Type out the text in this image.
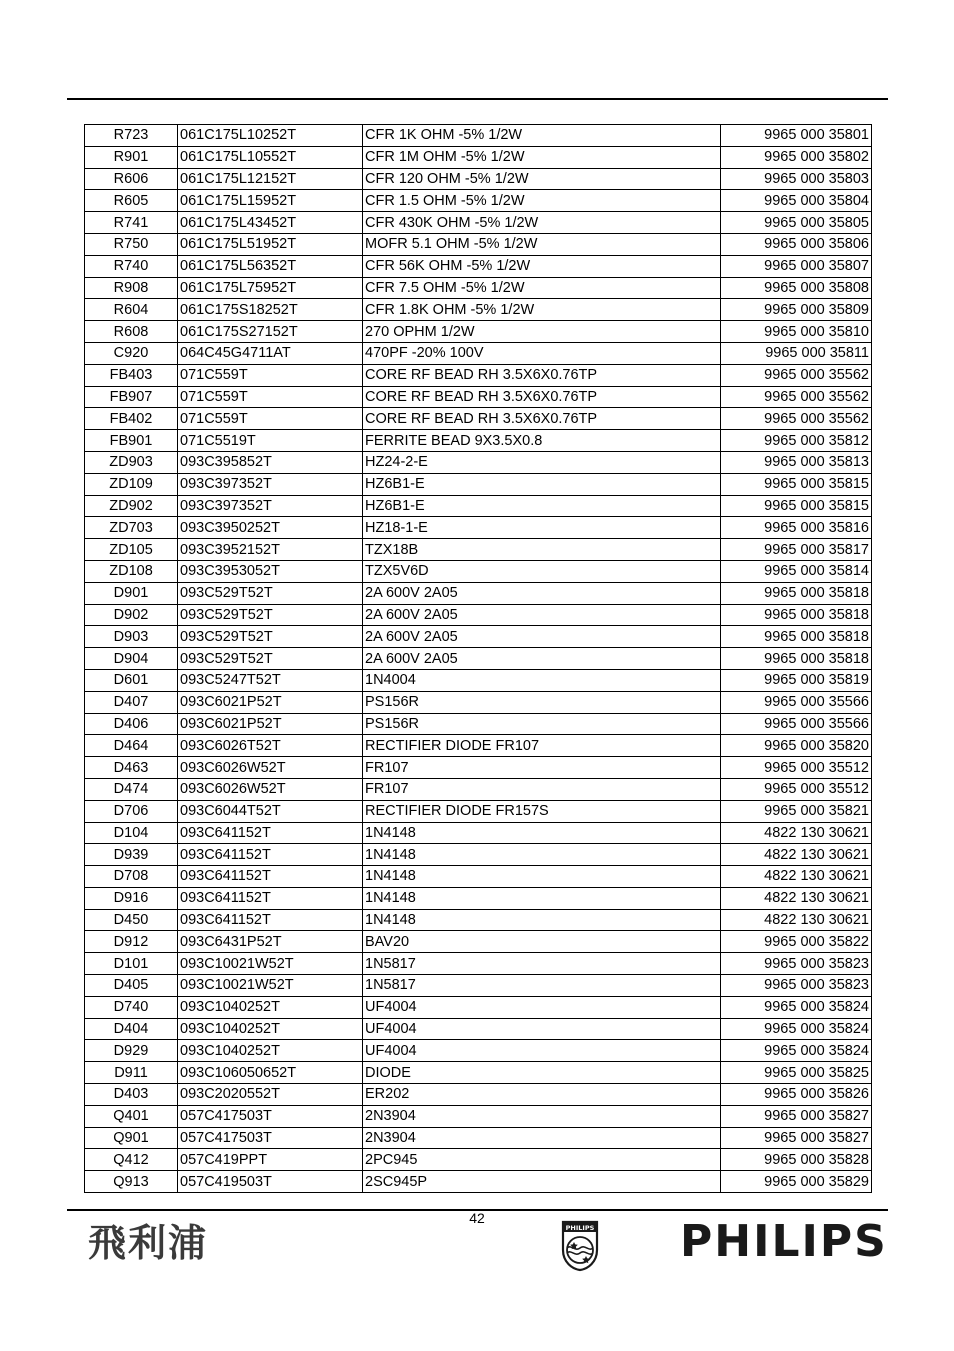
R723	061C175L10252T	CFR 1K OHM -5% 1/2W	9965 000 35801
R901	061C175L10552T	CFR 1M OHM -5% 1/2W	9965 000 35802
R606	061C175L12152T	CFR 120 OHM -5% 1/2W	9965 000 35803
R605	061C175L15952T	CFR 1.5 OHM -5% 1/2W	9965 000 35804
R741	061C175L43452T	CFR 430K OHM -5% 1/2W	9965 000 35805
R750	061C175L51952T	MOFR 5.1 OHM -5% 1/2W	9965 000 35806
R740	061C175L56352T	CFR 56K OHM -5% 1/2W	9965 000 35807
R908	061C175L75952T	CFR 7.5 OHM -5% 1/2W	9965 000 35808
R604	061C175S18252T	CFR 1.8K OHM -5% 1/2W	9965 000 35809
R608	061C175S27152T	270 OPHM 1/2W	9965 000 35810
C920	064C45G4711AT	470PF -20% 100V	9965 000 35811
FB403	071C559T	CORE RF BEAD RH 3.5X6X0.76TP	9965 000 35562
FB907	071C559T	CORE RF BEAD RH 3.5X6X0.76TP	9965 000 35562
FB402	071C559T	CORE RF BEAD RH 3.5X6X0.76TP	9965 000 35562
FB901	071C5519T	FERRITE BEAD 9X3.5X0.8	9965 000 35812
ZD903	093C395852T	HZ24-2-E	9965 000 35813
ZD109	093C397352T	HZ6B1-E	9965 000 35815
ZD902	093C397352T	HZ6B1-E	9965 000 35815
ZD703	093C3950252T	HZ18-1-E	9965 000 35816
ZD105	093C3952152T	TZX18B	9965 000 35817
ZD108	093C3953052T	TZX5V6D	9965 000 35814
D901	093C529T52T	2A 600V 2A05	9965 000 35818
D902	093C529T52T	2A 600V 2A05	9965 000 35818
D903	093C529T52T	2A 600V 2A05	9965 000 35818
D904	093C529T52T	2A 600V 2A05	9965 000 35818
D601	093C5247T52T	1N4004	9965 000 35819
D407	093C6021P52T	PS156R	9965 000 35566
D406	093C6021P52T	PS156R	9965 000 35566
D464	093C6026T52T	RECTIFIER DIODE FR107	9965 000 35820
D463	093C6026W52T	FR107	9965 000 35512
D474	093C6026W52T	FR107	9965 000 35512
D706	093C6044T52T	RECTIFIER DIODE FR157S	9965 000 35821
D104	093C641152T	1N4148	4822 130 30621
D939	093C641152T	1N4148	4822 130 30621
D708	093C641152T	1N4148	4822 130 30621
D916	093C641152T	1N4148	4822 130 30621
D450	093C641152T	1N4148	4822 130 30621
D912	093C6431P52T	BAV20	9965 000 35822
D101	093C10021W52T	1N5817	9965 000 35823
D405	093C10021W52T	1N5817	9965 000 35823
D740	093C1040252T	UF4004	9965 000 35824
D404	093C1040252T	UF4004	9965 000 35824
D929	093C1040252T	UF4004	9965 000 35824
D911	093C106050652T	DIODE	9965 000 35825
D403	093C2020552T	ER202	9965 000 35826
Q401	057C417503T	2N3904	9965 000 35827
Q901	057C417503T	2N3904	9965 000 35827
Q412	057C419PPT	2PC945	9965 000 35828
Q913	057C419503T	2SC945P	9965 000 35829
42
飛利浦	PHILIPS PHILIPS
